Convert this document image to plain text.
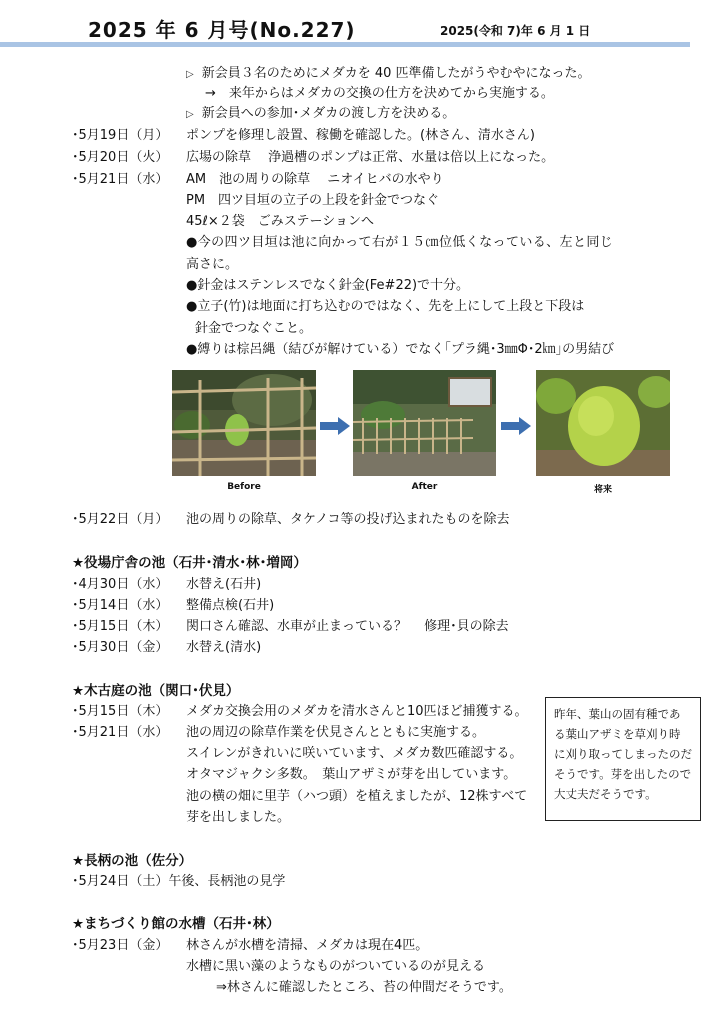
2025 年 6 月号(No.227)	2025(令和 7)年 6 月 1 日
▷ 新会員３名のためにメダカを 40 匹準備したがうやむやになった。
→　来年からはメダカの交換の仕方を決めてから実施する。
▷ 新会員への参加･メダカの渡し方を決める。
･5月19日（月） ポンプを修理し設置、稼働を確認した。(林さん、清水さん)
･5月20日（火） 広場の除草　 浄過槽のポンプは正常、水量は倍以上になった。
･5月21日（水） AM　池の周りの除草　 ニオイヒバの水やり
PM　四ツ目垣の立子の上段を針金でつなぐ
45ℓ×２袋　ごみステーションへ
●今の四ツ目垣は池に向かって右が１５㎝位低くなっている、左と同じ
高さに。
●針金はステンレスでなく針金(Fe#22)で十分。
●立子(竹)は地面に打ち込むのではなく、先を上にして上段と下段は
針金でつなぐこと。
●縛りは棕呂縄（結びが解けている）でなく｢プラ縄･3㎜Φ･2㎞｣の男結び
Before	After	将来
･5月22日（月） 池の周りの除草、タケノコ等の投げ込まれたものを除去
★役場庁舎の池（石井･清水･林･増岡）
･4月30日（水） 水替え(石井)
･5月14日（水） 整備点検(石井)
･5月15日（木） 関口さん確認、水車が止まっている？　 修理･貝の除去
･5月30日（金） 水替え(清水)
★木古庭の池（関口･伏見）
･5月15日（木） メダカ交換会用のメダカを清水さんと10匹ほど捕獲する。
･5月21日（水） 池の周辺の除草作業を伏見さんとともに実施する。
スイレンがきれいに咲いています、メダカ数匹確認する。
オタマジャクシ多数。　葉山アザミが芽を出しています。
池の横の畑に里芋（ハつ頭）を植えましたが、12株すべて
芽を出しました。
昨年、葉山の固有種であ
る葉山アザミを草刈り時
に刈り取ってしまったのだ
そうです。芽を出したので
大丈夫だそうです。
★長柄の池（佐分）
･5月24日（土）午後、長柄池の見学
★まちづくり館の水槽（石井･林）
･5月23日（金） 林さんが水槽を清掃、メダカは現在4匹。
水槽に黒い藻のようなものがついているのが見える
⇒林さんに確認したところ、苔の仲間だそうです。
